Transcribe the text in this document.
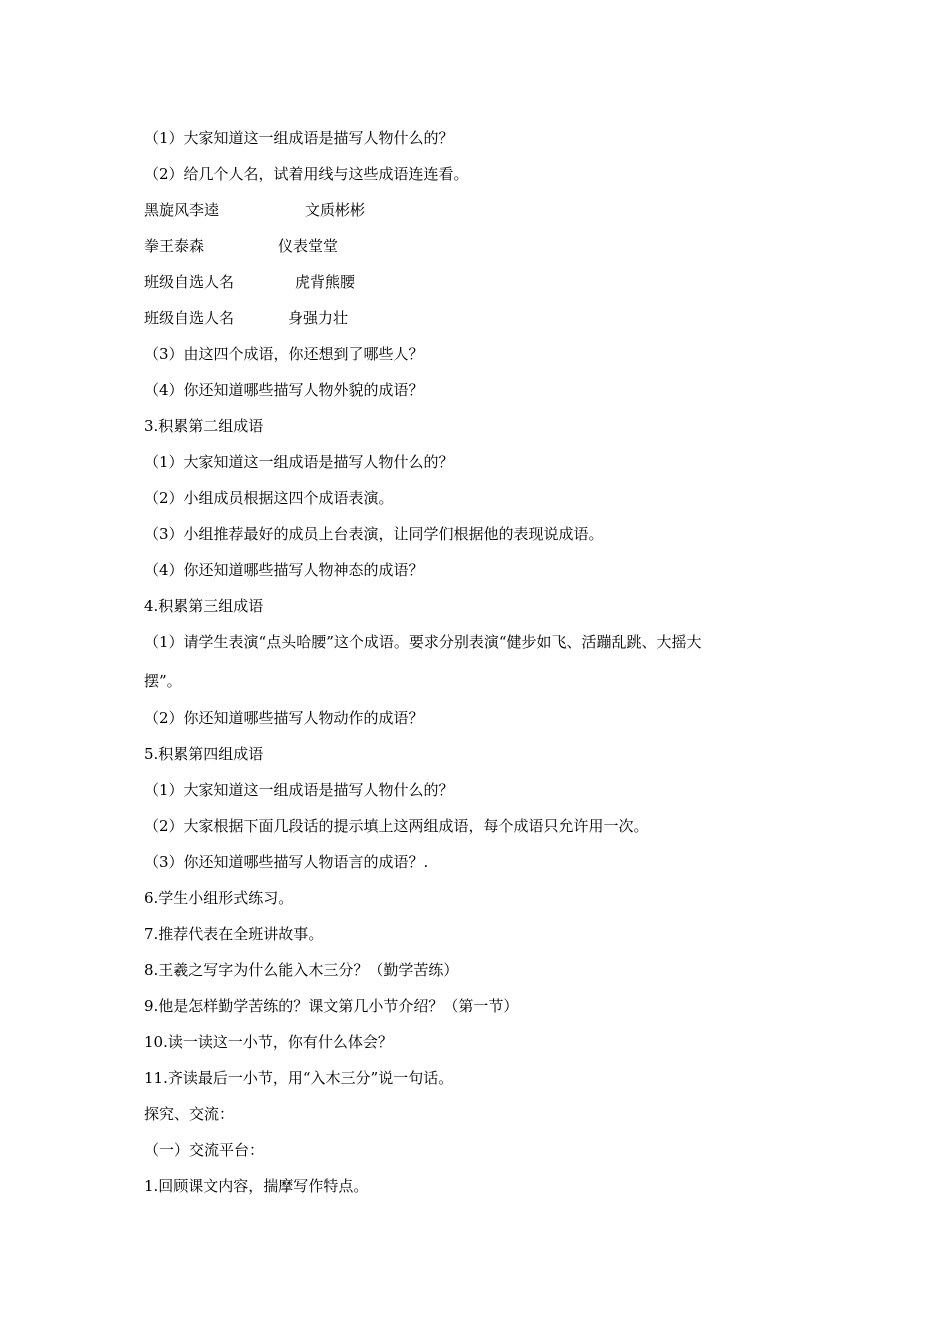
（1）大家知道这一组成语是描写人物什么的？
（2）给几个人名，试着用线与这些成语连连看。
黑旋风李逵	文质彬彬
拳王泰森	仪表堂堂
班级自选人名	虎背熊腰
班级自选人名	身强力壮
（3）由这四个成语，你还想到了哪些人？
（4）你还知道哪些描写人物外貌的成语？
3.积累第二组成语
（1）大家知道这一组成语是描写人物什么的？
（2）小组成员根据这四个成语表演。
（3）小组推荐最好的成员上台表演，让同学们根据他的表现说成语。
（4）你还知道哪些描写人物神态的成语？
4.积累第三组成语
（1）请学生表演“点头哈腰”这个成语。要求分别表演“健步如飞、活蹦乱跳、大摇大
摆”。
（2）你还知道哪些描写人物动作的成语？
5.积累第四组成语
（1）大家知道这一组成语是描写人物什么的？
（2）大家根据下面几段话的提示填上这两组成语，每个成语只允许用一次。
（3）你还知道哪些描写人物语言的成语？.
6.学生小组形式练习。
7.推荐代表在全班讲故事。
8.王羲之写字为什么能入木三分？（勤学苦练）
9.他是怎样勤学苦练的？课文第几小节介绍？（第一节）
10.读一读这一小节，你有什么体会？
11.齐读最后一小节，用“入木三分”说一句话。
探究、交流：
（一）交流平台：
1.回顾课文内容，揣摩写作特点。
